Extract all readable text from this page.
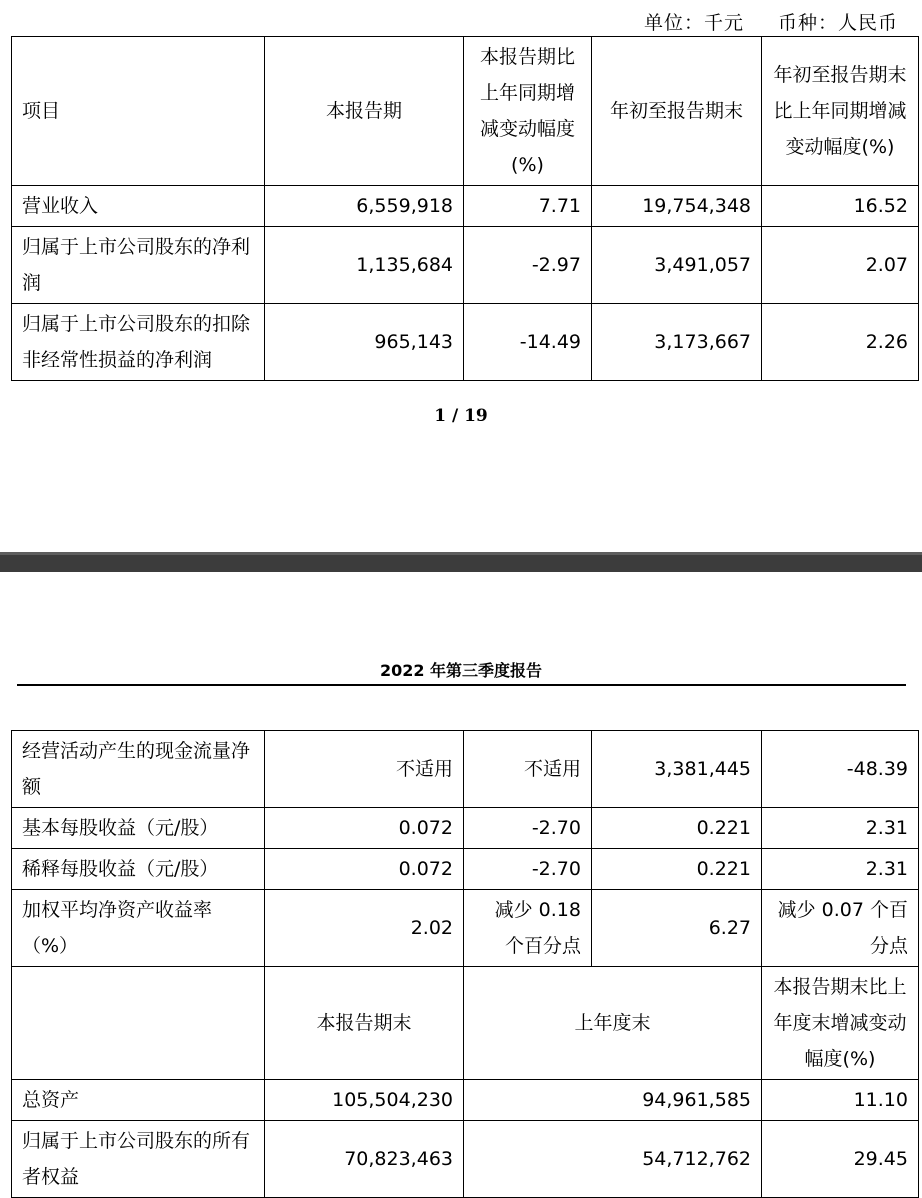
单位：千元 币种：人民币
项目	本报告期	本报告期比上年同期增减变动幅度(%)	年初至报告期末	年初至报告期末比上年同期增减变动幅度(%)
营业收入	6,559,918	7.71	19,754,348	16.52
归属于上市公司股东的净利润	1,135,684	-2.97	3,491,057	2.07
归属于上市公司股东的扣除非经常性损益的净利润	965,143	-14.49	3,173,667	2.26
1 / 19
2022 年第三季度报告
经营活动产生的现金流量净额	不适用	不适用	3,381,445	-48.39
基本每股收益（元/股）	0.072	-2.70	0.221	2.31
稀释每股收益（元/股）	0.072	-2.70	0.221	2.31
加权平均净资产收益率（%）	2.02	减少 0.18 个百分点	6.27	减少 0.07 个百分点
	本报告期末	上年度末		本报告期末比上年度末增减变动幅度(%)
总资产	105,504,230	94,961,585		11.10
归属于上市公司股东的所有者权益	70,823,463	54,712,762		29.45
